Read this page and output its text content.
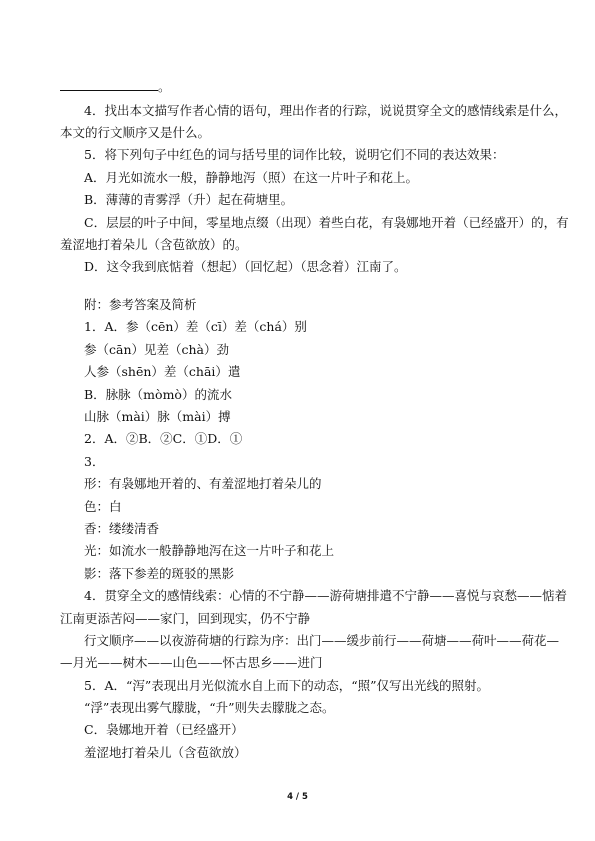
。
4．找出本文描写作者心情的语句，理出作者的行踪，说说贯穿全文的感情线索是什么，
本文的行文顺序又是什么。
5．将下列句子中红色的词与括号里的词作比较，说明它们不同的表达效果：
A．月光如流水一般，静静地泻（照）在这一片叶子和花上。
B．薄薄的青雾浮（升）起在荷塘里。
C．层层的叶子中间，零星地点缀（出现）着些白花，有袅娜地开着（已经盛开）的，有
羞涩地打着朵儿（含苞欲放）的。
D．这令我到底惦着（想起）（回忆起）（思念着）江南了。
附：参考答案及简析
1．A．参（cēn）差（cī）差（chá）别
参（cān）见差（chà）劲
人参（shēn）差（chāi）遣
B．脉脉（mòmò）的流水
山脉（mài）脉（mài）搏
2．A．②B．②C．①D．①
3．
形：有袅娜地开着的、有羞涩地打着朵儿的
色：白
香：缕缕清香
光：如流水一般静静地泻在这一片叶子和花上
影：落下参差的斑驳的黑影
4．贯穿全文的感情线索：心情的不宁静——游荷塘排遣不宁静——喜悦与哀愁——惦着
江南更添苦闷——家门，回到现实，仍不宁静
行文顺序——以夜游荷塘的行踪为序：出门——缓步前行——荷塘——荷叶——荷花—
—月光——树木——山色——怀古思乡——进门
5．A．“泻”表现出月光似流水自上而下的动态，“照”仅写出光线的照射。
“浮”表现出雾气朦胧，“升”则失去朦胧之态。
C．袅娜地开着（已经盛开）
羞涩地打着朵儿（含苞欲放）
4 / 5
